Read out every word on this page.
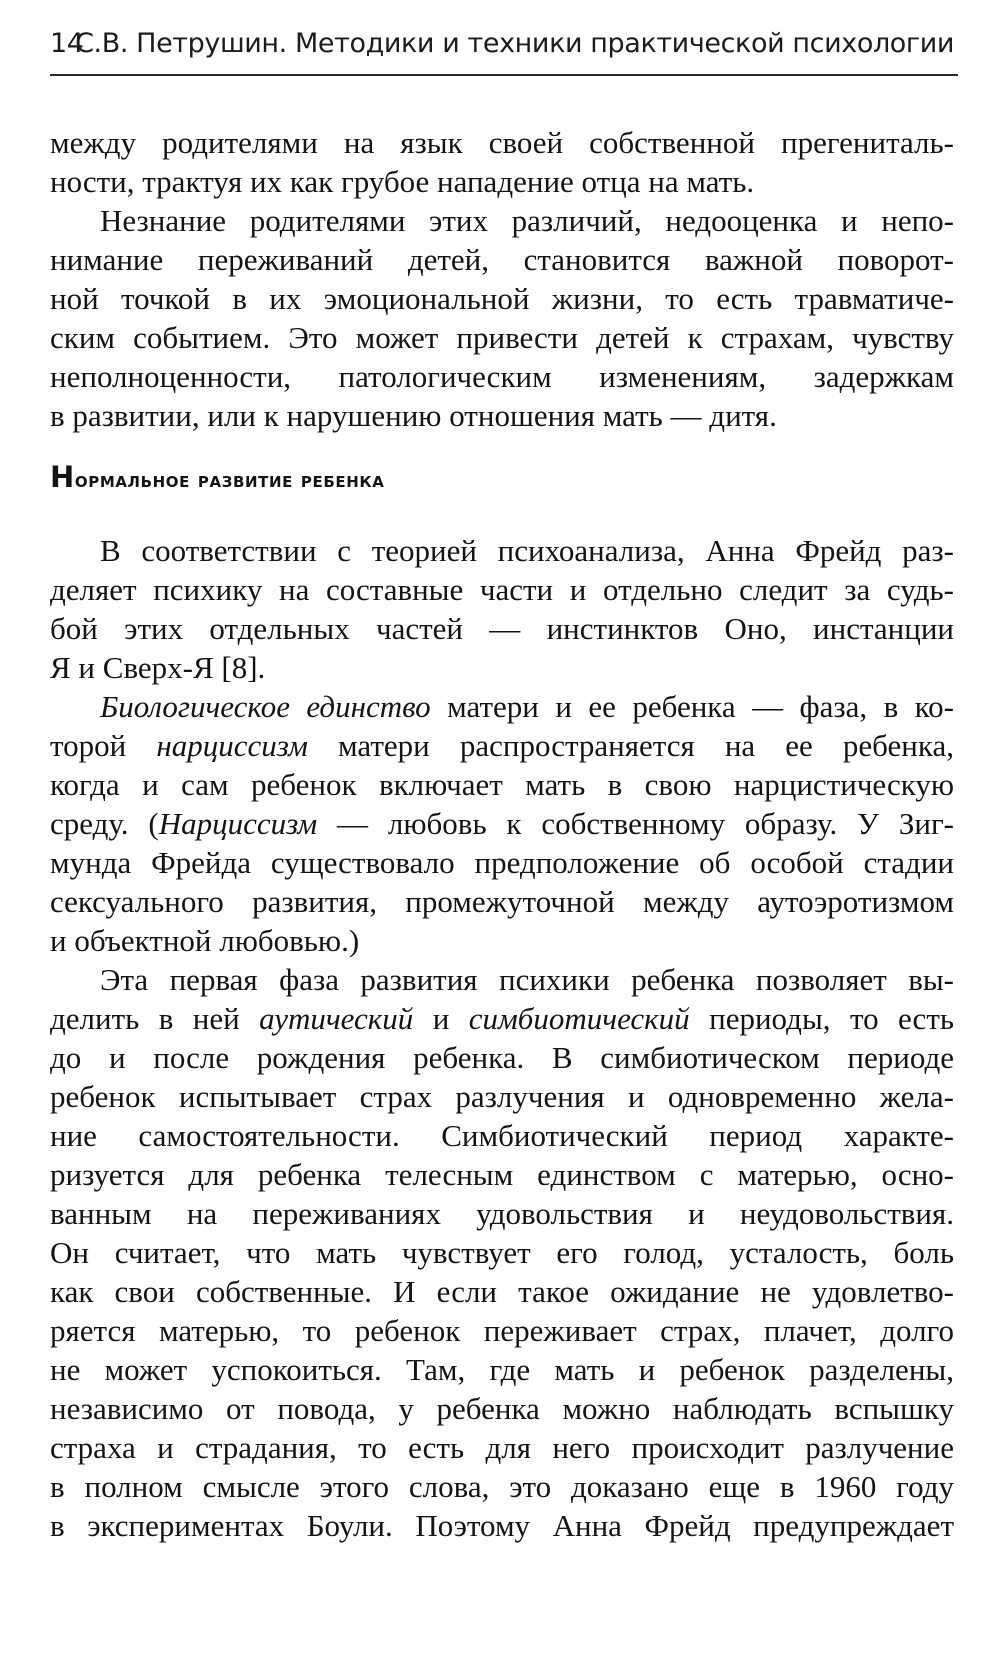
14
С.В. Петрушин. Методики и техники практической психологии
между родителями на язык своей собственной прегениталь-
ности, трактуя их как грубое нападение отца на мать.
Незнание родителями этих различий, недооценка и непо-
нимание переживаний детей, становится важной поворот-
ной точкой в их эмоциональной жизни, то есть травматиче-
ским событием. Это может привести детей к страхам, чувству
неполноценности, патологическим изменениям, задержкам
в развитии, или к нарушению отношения мать — дитя.
Нормальное развитие ребенка
В соответствии с теорией психоанализа, Анна Фрейд раз-
деляет психику на составные части и отдельно следит за судь-
бой этих отдельных частей — инстинктов Оно, инстанции
Я и Сверх-Я [8].
Биологическое единство матери и ее ребенка — фаза, в ко-
торой нарциссизм матери распространяется на ее ребенка,
когда и сам ребенок включает мать в свою нарцистическую
среду. (Нарциссизм — любовь к собственному образу. У Зиг-
мунда Фрейда существовало предположение об особой стадии
сексуального развития, промежуточной между аутоэротизмом
и объектной любовью.)
Эта первая фаза развития психики ребенка позволяет вы-
делить в ней аутический и симбиотический периоды, то есть
до и после рождения ребенка. В симбиотическом периоде
ребенок испытывает страх разлучения и одновременно жела-
ние самостоятельности. Симбиотический период характе-
ризуется для ребенка телесным единством с матерью, осно-
ванным на переживаниях удовольствия и неудовольствия.
Он считает, что мать чувствует его голод, усталость, боль
как свои собственные. И если такое ожидание не удовлетво-
ряется матерью, то ребенок переживает страх, плачет, долго
не может успокоиться. Там, где мать и ребенок разделены,
независимо от повода, у ребенка можно наблюдать вспышку
страха и страдания, то есть для него происходит разлучение
в полном смысле этого слова, это доказано еще в 1960 году
в экспериментах Боули. Поэтому Анна Фрейд предупреждает
